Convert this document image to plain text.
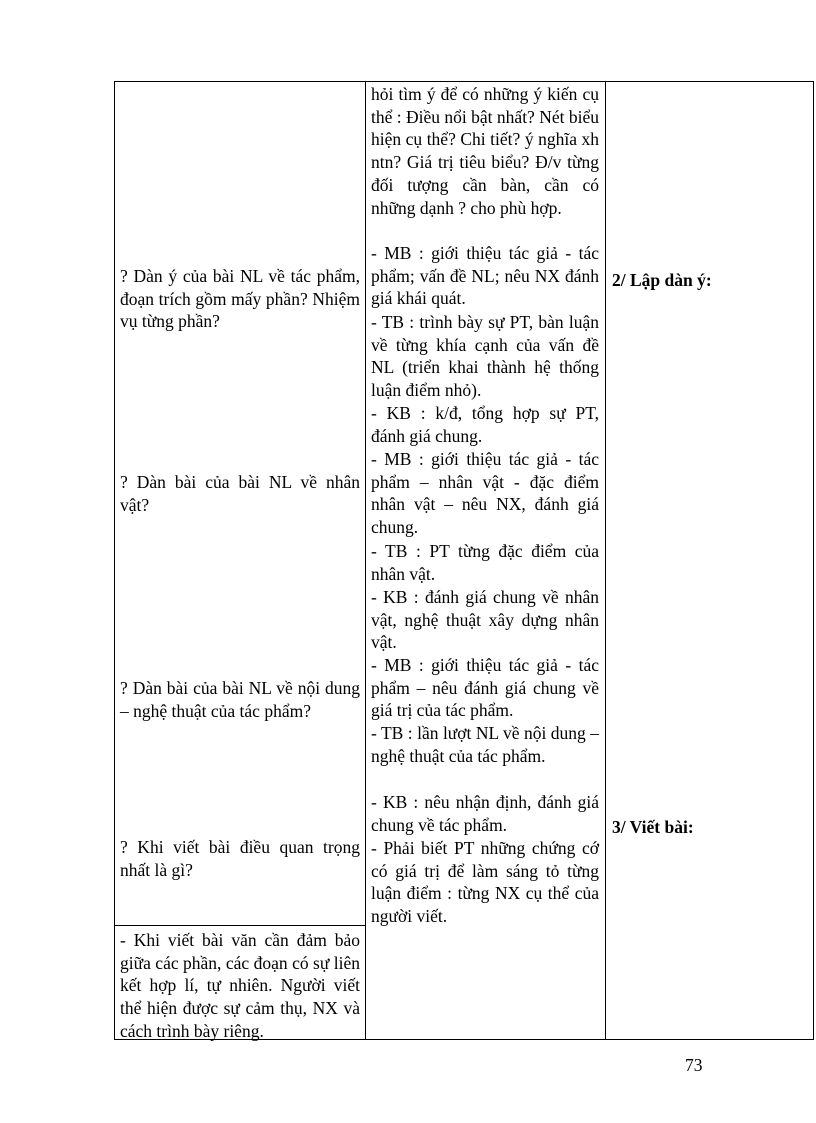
? Dàn ý của bài NL về tác phẩm, đoạn trích gồm mấy phần? Nhiệm vụ từng phần?

? Dàn bài của bài NL về nhân vật?

? Dàn bài của bài NL về nội dung – nghệ thuật của tác phẩm?

? Khi viết bài điều quan trọng nhất là gì?

- Khi viết bài văn cần đảm bảo giữa các phần, các đoạn có sự liên kết hợp lí, tự nhiên. Người viết thể hiện được sự cảm thụ, NX và cách trình bày riêng.

hỏi tìm ý để có những ý kiến cụ thể : Điều nổi bật nhất? Nét biểu hiện cụ thể? Chi tiết? ý nghĩa xh ntn? Giá trị tiêu biểu? Đ/v từng đối tượng cần bàn, cần có những dạnh ? cho phù hợp.

- MB : giới thiệu tác giả - tác phẩm; vấn đề NL; nêu NX đánh giá khái quát.

- TB : trình bày sự PT, bàn luận về từng khía cạnh của vấn đề NL (triển khai thành hệ thống luận điểm nhỏ).

- KB : k/đ, tổng hợp sự PT, đánh giá chung.

- MB : giới thiệu tác giả - tác phẩm – nhân vật - đặc điểm nhân vật – nêu NX, đánh giá chung.

- TB : PT từng đặc điểm của nhân vật.

- KB : đánh giá chung về nhân vật, nghệ thuật xây dựng nhân vật.

- MB : giới thiệu tác giả - tác phẩm – nêu đánh giá chung về giá trị của tác phẩm.

- TB : lần lượt NL về nội dung – nghệ thuật của tác phẩm.

- KB : nêu nhận định, đánh giá chung về tác phẩm.

- Phải biết PT những chứng cớ có giá trị để làm sáng tỏ từng luận điểm : từng NX cụ thể của người viết.

2/ Lập dàn ý:

3/ Viết bài:

73
